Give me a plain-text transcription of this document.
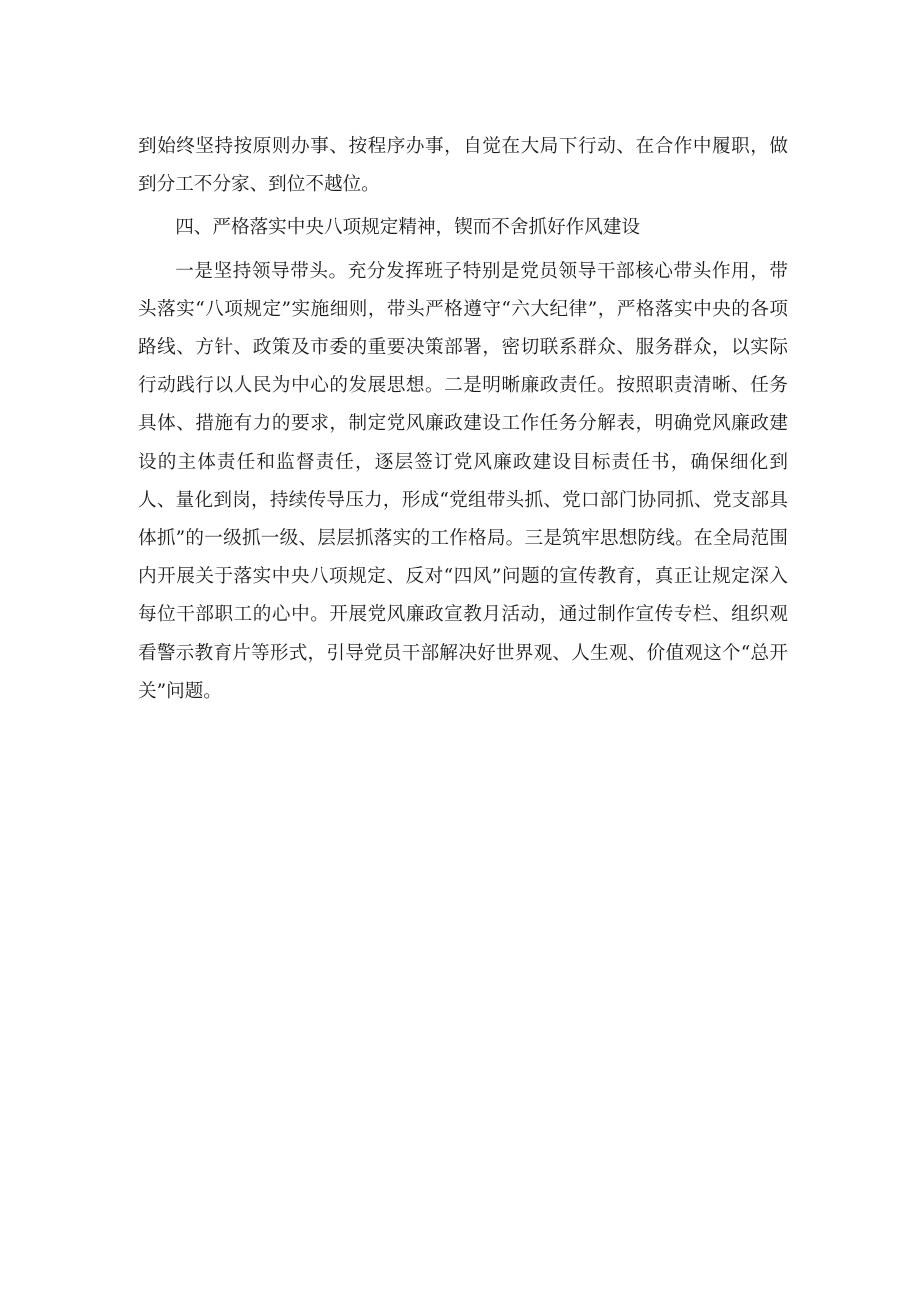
到始终坚持按原则办事、按程序办事，自觉在大局下行动、在合作中履职，做到分工不分家、到位不越位。

四、严格落实中央八项规定精神，锲而不舍抓好作风建设

一是坚持领导带头。充分发挥班子特别是党员领导干部核心带头作用，带头落实“八项规定”实施细则，带头严格遵守“六大纪律”，严格落实中央的各项路线、方针、政策及市委的重要决策部署，密切联系群众、服务群众，以实际行动践行以人民为中心的发展思想。二是明晰廉政责任。按照职责清晰、任务具体、措施有力的要求，制定党风廉政建设工作任务分解表，明确党风廉政建设的主体责任和监督责任，逐层签订党风廉政建设目标责任书，确保细化到人、量化到岗，持续传导压力，形成“党组带头抓、党口部门协同抓、党支部具体抓”的一级抓一级、层层抓落实的工作格局。三是筑牢思想防线。在全局范围内开展关于落实中央八项规定、反对“四风”问题的宣传教育，真正让规定深入每位干部职工的心中。开展党风廉政宣教月活动，通过制作宣传专栏、组织观看警示教育片等形式，引导党员干部解决好世界观、人生观、价值观这个“总开关”问题。
